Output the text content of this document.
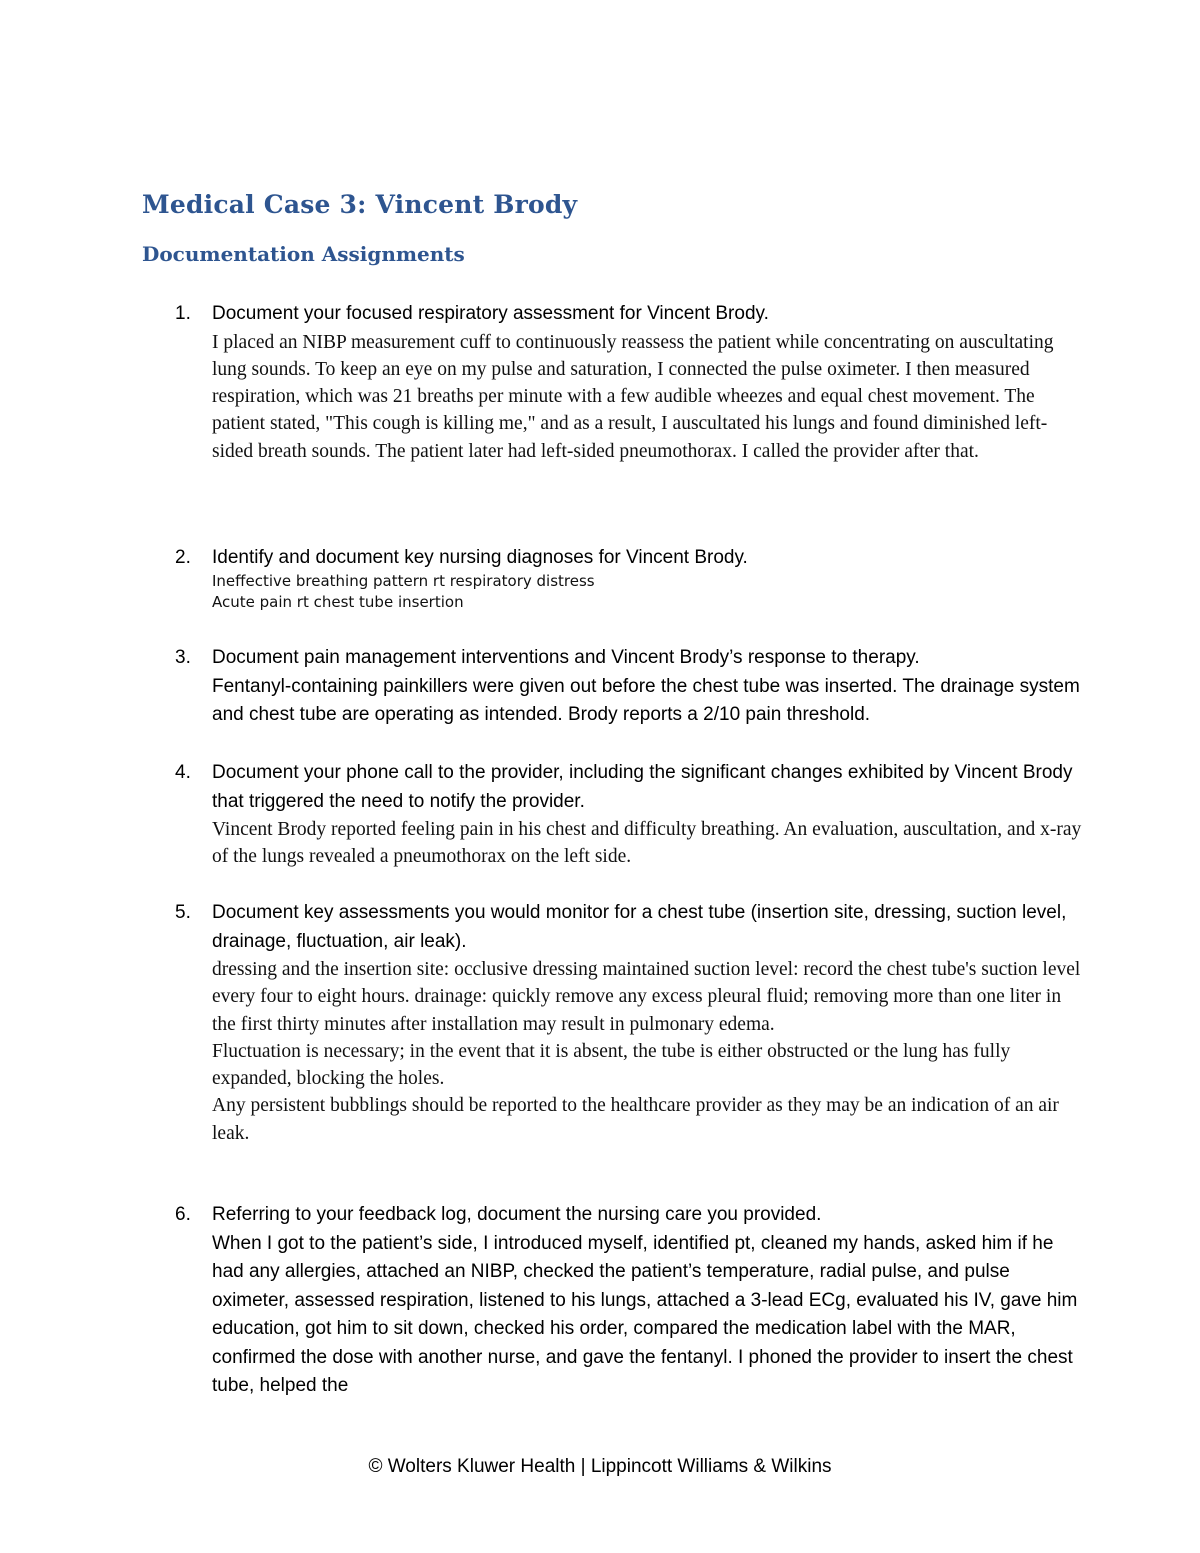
Medical Case 3: Vincent Brody
Documentation Assignments
1. Document your focused respiratory assessment for Vincent Brody.
I placed an NIBP measurement cuff to continuously reassess the patient while concentrating on auscultating lung sounds. To keep an eye on my pulse and saturation, I connected the pulse oximeter. I then measured respiration, which was 21 breaths per minute with a few audible wheezes and equal chest movement. The patient stated, "This cough is killing me," and as a result, I auscultated his lungs and found diminished left-sided breath sounds. The patient later had left-sided pneumothorax. I called the provider after that.
2. Identify and document key nursing diagnoses for Vincent Brody.
Ineffective breathing pattern rt respiratory distress
Acute pain rt chest tube insertion
3. Document pain management interventions and Vincent Brody’s response to therapy.
Fentanyl-containing painkillers were given out before the chest tube was inserted. The drainage system and chest tube are operating as intended. Brody reports a 2/10 pain threshold.
4. Document your phone call to the provider, including the significant changes exhibited by Vincent Brody that triggered the need to notify the provider.
Vincent Brody reported feeling pain in his chest and difficulty breathing. An evaluation, auscultation, and x-ray of the lungs revealed a pneumothorax on the left side.
5. Document key assessments you would monitor for a chest tube (insertion site, dressing, suction level, drainage, fluctuation, air leak).
dressing and the insertion site: occlusive dressing maintained suction level: record the chest tube's suction level every four to eight hours. drainage: quickly remove any excess pleural fluid; removing more than one liter in the first thirty minutes after installation may result in pulmonary edema.
Fluctuation is necessary; in the event that it is absent, the tube is either obstructed or the lung has fully expanded, blocking the holes.
Any persistent bubblings should be reported to the healthcare provider as they may be an indication of an air leak.
6. Referring to your feedback log, document the nursing care you provided.
When I got to the patient’s side, I introduced myself, identified pt, cleaned my hands, asked him if he had any allergies, attached an NIBP, checked the patient’s temperature, radial pulse, and pulse oximeter, assessed respiration, listened to his lungs, attached a 3-lead ECg, evaluated his IV, gave him education, got him to sit down, checked his order, compared the medication label with the MAR, confirmed the dose with another nurse, and gave the fentanyl. I phoned the provider to insert the chest tube, helped the
© Wolters Kluwer Health | Lippincott Williams & Wilkins
